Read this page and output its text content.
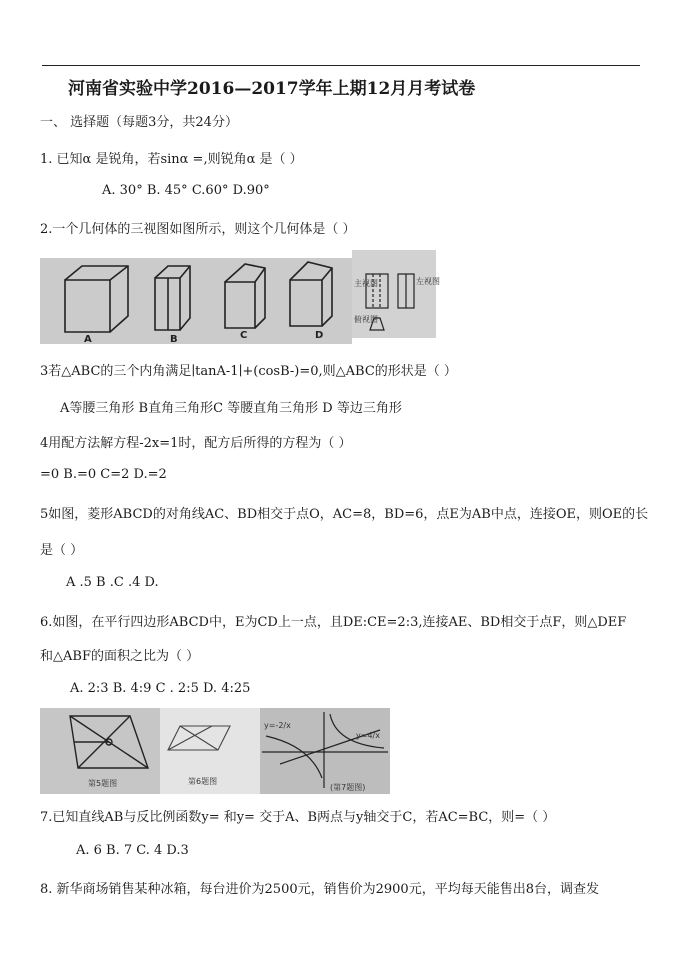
河南省实验中学2016—2017学年上期12月月考试卷
一、 选择题（每题3分，共24分）
1. 已知α 是锐角，若sinα =,则锐角α 是（ ）
A. 30° B. 45° C.60° D.90°
2.一个几何体的三视图如图所示，则这个几何体是（ ）
A	B	C	D
主视图	左视图
俯视图
3若△ABC的三个内角满足∣tanA-1∣+(cosB-)=0,则△ABC的形状是（ ）
A等腰三角形 B直角三角形C 等腰直角三角形 D 等边三角形
4用配方法解方程-2x=1时，配方后所得的方程为（ ）
=0 B.=0 C=2 D.=2
5如图，菱形ABCD的对角线AC、BD相交于点O，AC=8，BD=6，点E为AB中点，连接OE，则OE的长
是（ ）
A .5 B .C .4 D.
6.如图，在平行四边形ABCD中，E为CD上一点，且DE:CE=2:3,连接AE、BD相交于点F，则△DEF
和△ABF的面积之比为（ ）
A. 2:3 B. 4:9 C . 2:5 D. 4:25
第5题图	第6题图
y=-2/x
y=4/x
(第7题图)
7.已知直线AB与反比例函数y= 和y= 交于A、B两点与y轴交于C，若AC=BC，则=（ ）
A. 6 B. 7 C. 4 D.3
8. 新华商场销售某种冰箱，每台进价为2500元，销售价为2900元，平均每天能售出8台，调查发
